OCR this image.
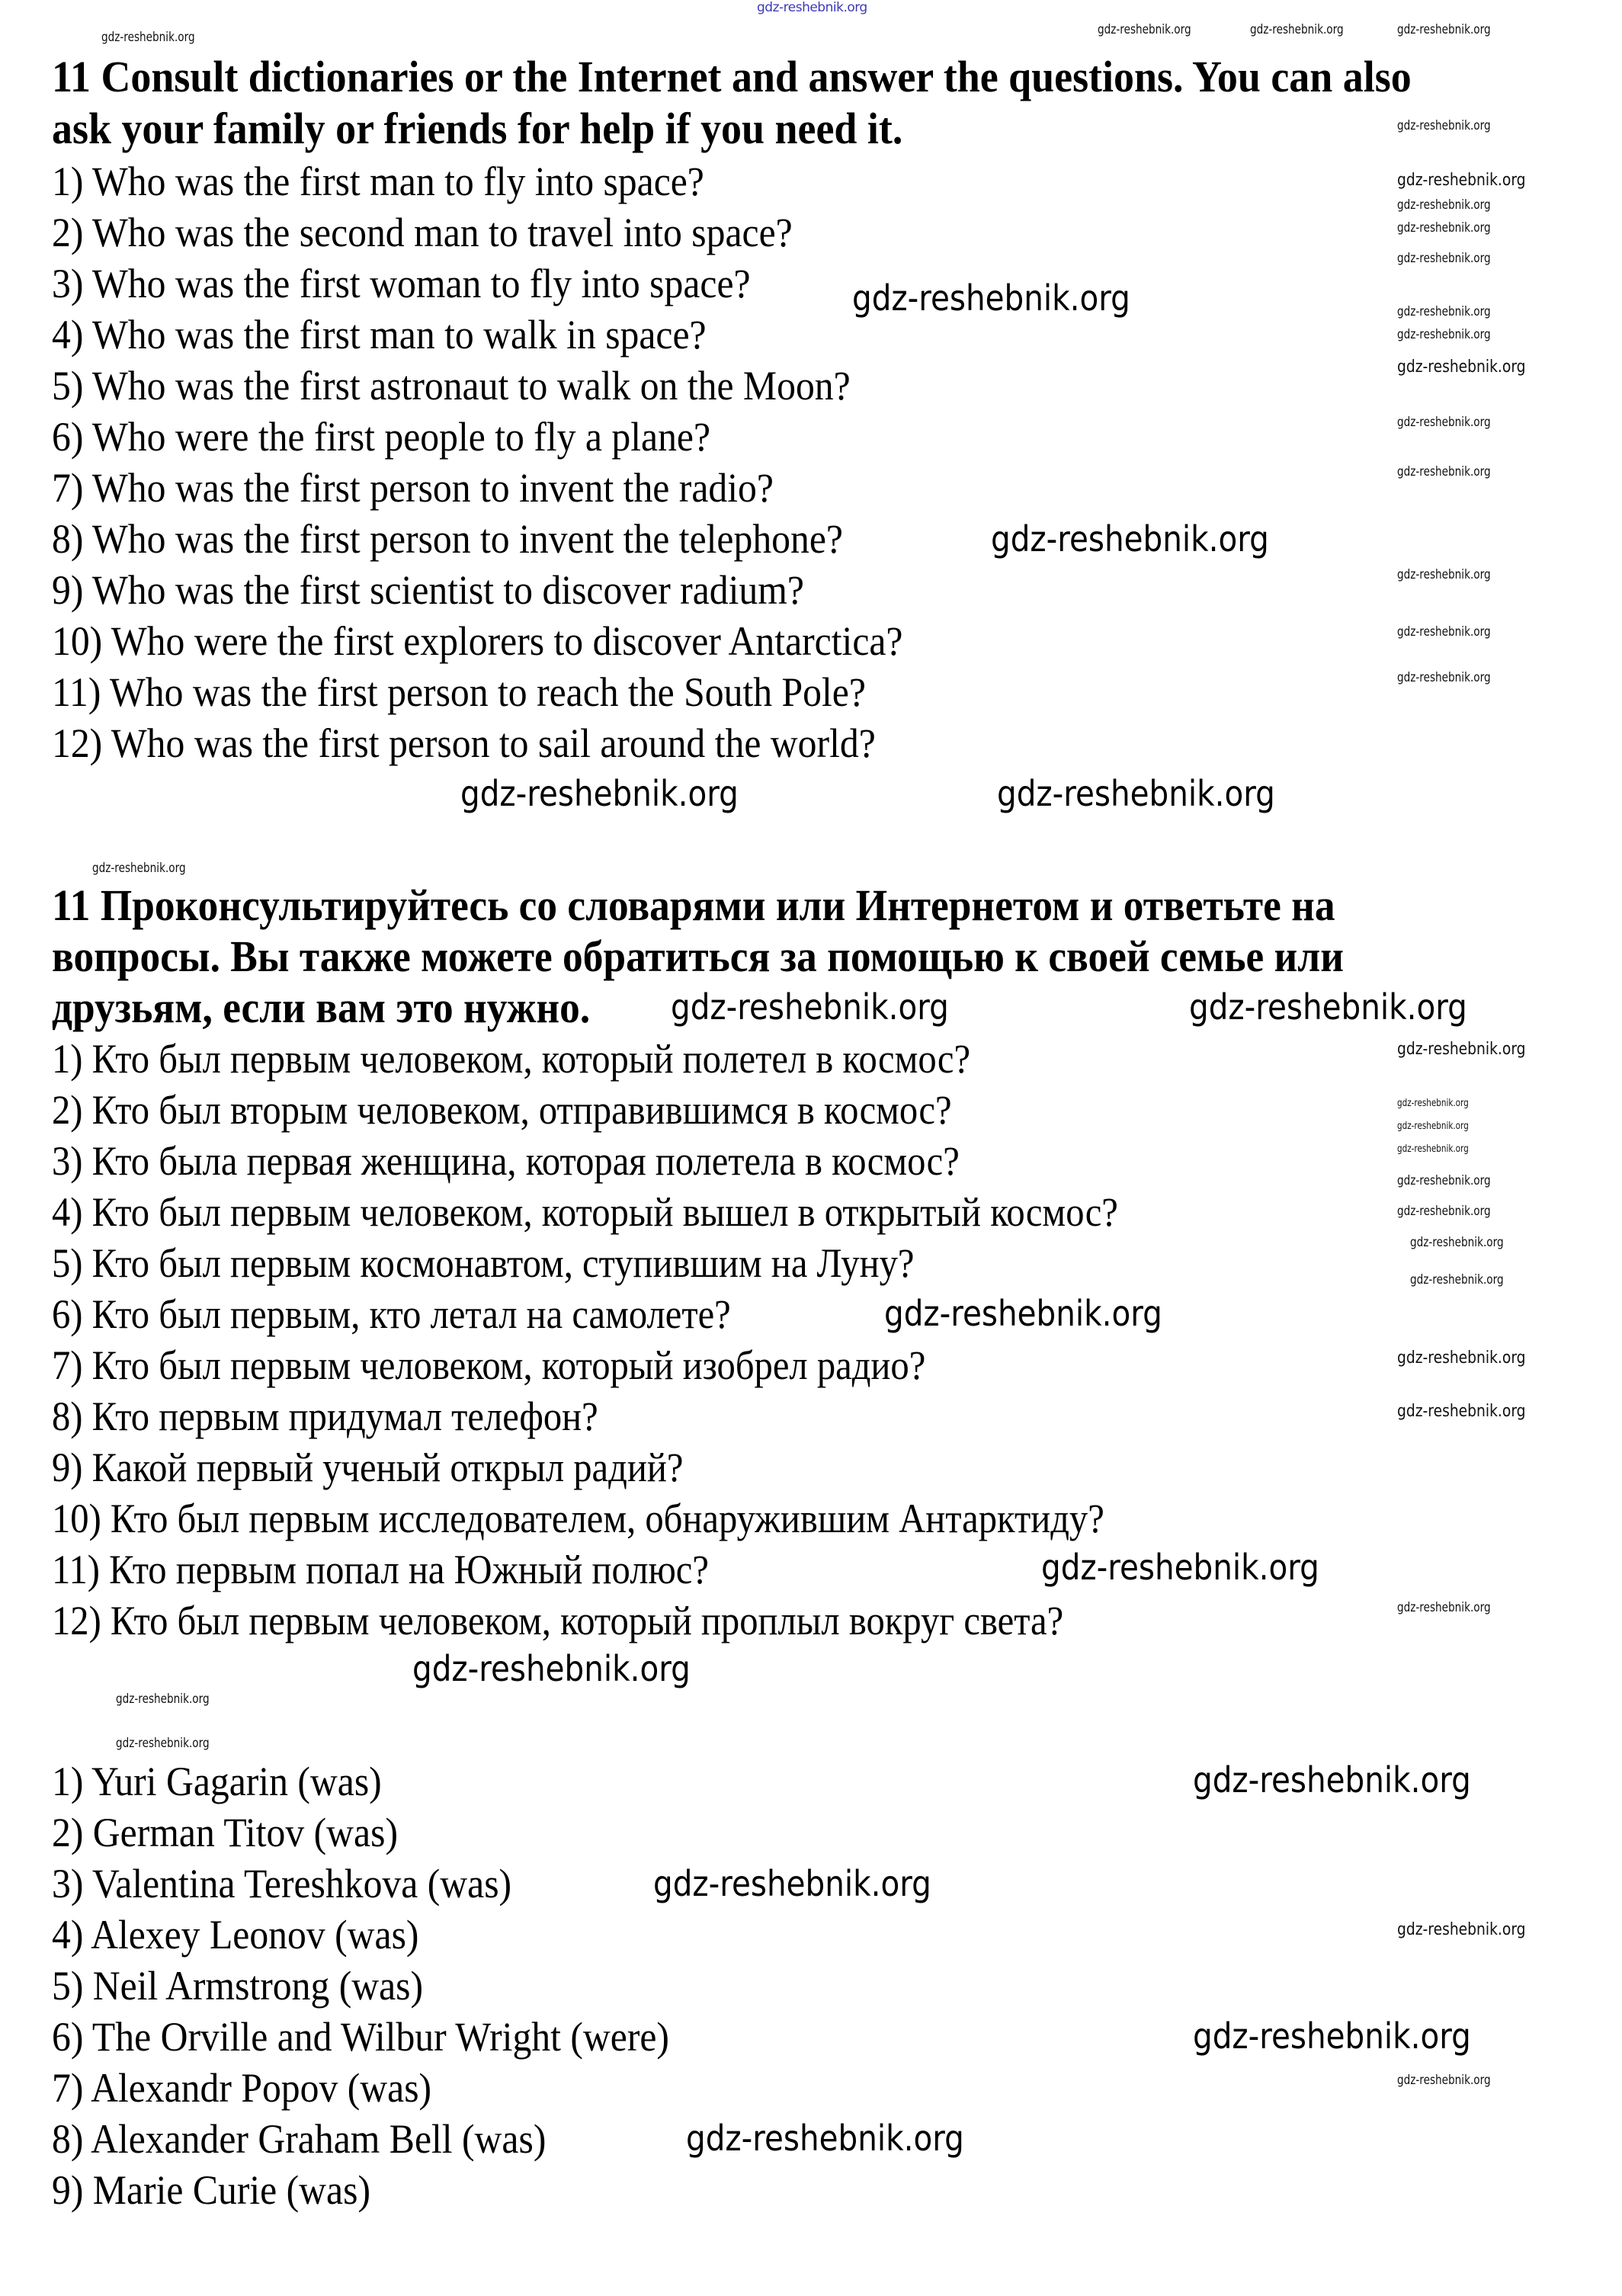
gdz-reshebnik.org
11 Consult dictionaries or the Internet and answer the questions. You can also
ask your family or friends for help if you need it.
1) Who was the first man to fly into space?
2) Who was the second man to travel into space?
3) Who was the first woman to fly into space?
4) Who was the first man to walk in space?
5) Who was the first astronaut to walk on the Moon?
6) Who were the first people to fly a plane?
7) Who was the first person to invent the radio?
8) Who was the first person to invent the telephone?
9) Who was the first scientist to discover radium?
10) Who were the first explorers to discover Antarctica?
11) Who was the first person to reach the South Pole?
12) Who was the first person to sail around the world?
11 Проконсультируйтесь со словарями или Интернетом и ответьте на
вопросы. Вы также можете обратиться за помощью к своей семье или
друзьям, если вам это нужно.
1) Кто был первым человеком, который полетел в космос?
2) Кто был вторым человеком, отправившимся в космос?
3) Кто была первая женщина, которая полетела в космос?
4) Кто был первым человеком, который вышел в открытый космос?
5) Кто был первым космонавтом, ступившим на Луну?
6) Кто был первым, кто летал на самолете?
7) Кто был первым человеком, который изобрел радио?
8) Кто первым придумал телефон?
9) Какой первый ученый открыл радий?
10) Кто был первым исследователем, обнаружившим Антарктиду?
11) Кто первым попал на Южный полюс?
12) Кто был первым человеком, который проплыл вокруг света?
1) Yuri Gagarin (was)
2) German Titov (was)
3) Valentina Tereshkova (was)
4) Alexey Leonov (was)
5) Neil Armstrong (was)
6) The Orville and Wilbur Wright (were)
7) Alexandr Popov (was)
8) Alexander Graham Bell (was)
9) Marie Curie (was)
gdz-reshebnik.org
gdz-reshebnik.org
gdz-reshebnik.org	gdz-reshebnik.org
gdz-reshebnik.org	gdz-reshebnik.org
gdz-reshebnik.org
gdz-reshebnik.org
gdz-reshebnik.org
gdz-reshebnik.org
gdz-reshebnik.org
gdz-reshebnik.org
gdz-reshebnik.org
gdz-reshebnik.org
gdz-reshebnik.org
gdz-reshebnik.org
gdz-reshebnik.org
gdz-reshebnik.org
gdz-reshebnik.org
gdz-reshebnik.org
gdz-reshebnik.org
gdz-reshebnik.org
gdz-reshebnik.org
gdz-reshebnik.org
gdz-reshebnik.org
gdz-reshebnik.org
gdz-reshebnik.org
gdz-reshebnik.org
gdz-reshebnik.org
gdz-reshebnik.org
gdz-reshebnik.org
gdz-reshebnik.org
gdz-reshebnik.org
gdz-reshebnik.org
gdz-reshebnik.org
gdz-reshebnik.org
gdz-reshebnik.org
gdz-reshebnik.org
gdz-reshebnik.org
gdz-reshebnik.org
gdz-reshebnik.org
gdz-reshebnik.org
gdz-reshebnik.org
gdz-reshebnik.org
gdz-reshebnik.org
gdz-reshebnik.org
